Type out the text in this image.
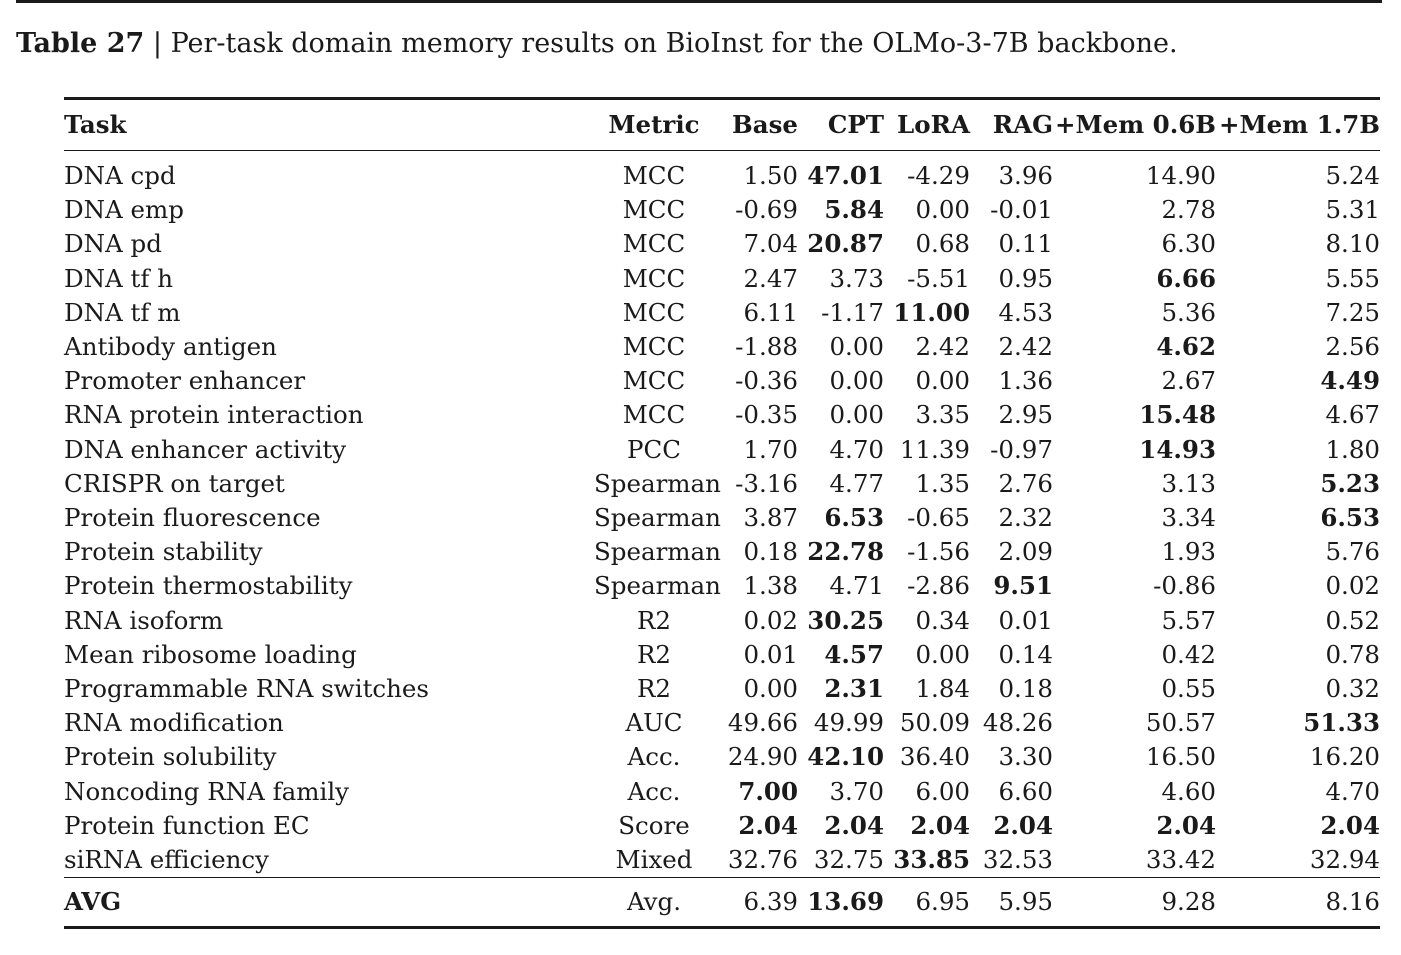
Table 27 | Per-task domain memory results on BioInst for the OLMo-3-7B backbone.
Task	Metric	Base	CPT	LoRA	RAG	+Mem 0.6B	+Mem 1.7B
DNA cpd	MCC	1.50	47.01	-4.29	3.96	14.90	5.24
DNA emp	MCC	-0.69	5.84	0.00	-0.01	2.78	5.31
DNA pd	MCC	7.04	20.87	0.68	0.11	6.30	8.10
DNA tf h	MCC	2.47	3.73	-5.51	0.95	6.66	5.55
DNA tf m	MCC	6.11	-1.17	11.00	4.53	5.36	7.25
Antibody antigen	MCC	-1.88	0.00	2.42	2.42	4.62	2.56
Promoter enhancer	MCC	-0.36	0.00	0.00	1.36	2.67	4.49
RNA protein interaction	MCC	-0.35	0.00	3.35	2.95	15.48	4.67
DNA enhancer activity	PCC	1.70	4.70	11.39	-0.97	14.93	1.80
CRISPR on target	Spearman	-3.16	4.77	1.35	2.76	3.13	5.23
Protein fluorescence	Spearman	3.87	6.53	-0.65	2.32	3.34	6.53
Protein stability	Spearman	0.18	22.78	-1.56	2.09	1.93	5.76
Protein thermostability	Spearman	1.38	4.71	-2.86	9.51	-0.86	0.02
RNA isoform	R2	0.02	30.25	0.34	0.01	5.57	0.52
Mean ribosome loading	R2	0.01	4.57	0.00	0.14	0.42	0.78
Programmable RNA switches	R2	0.00	2.31	1.84	0.18	0.55	0.32
RNA modification	AUC	49.66	49.99	50.09	48.26	50.57	51.33
Protein solubility	Acc.	24.90	42.10	36.40	3.30	16.50	16.20
Noncoding RNA family	Acc.	7.00	3.70	6.00	6.60	4.60	4.70
Protein function EC	Score	2.04	2.04	2.04	2.04	2.04	2.04
siRNA efficiency	Mixed	32.76	32.75	33.85	32.53	33.42	32.94
AVG	Avg.	6.39	13.69	6.95	5.95	9.28	8.16
